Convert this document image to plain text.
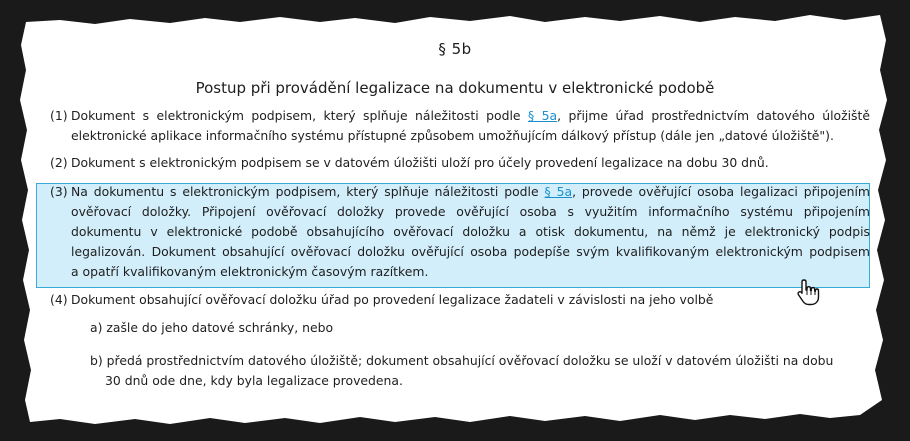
§ 5b
Postup při provádění legalizace na dokumentu v elektronické podobě
(1) Dokument s elektronickým podpisem, který splňuje náležitosti podle § 5a, přijme úřad prostřednictvím datového úložiště
elektronické aplikace informačního systému přístupné způsobem umožňujícím dálkový přístup (dále jen „datové úložiště").
(2) Dokument s elektronickým podpisem se v datovém úložišti uloží pro účely provedení legalizace na dobu 30 dnů.
(3) Na dokumentu s elektronickým podpisem, který splňuje náležitosti podle § 5a, provede ověřující osoba legalizaci připojením
ověřovací doložky. Připojení ověřovací doložky provede ověřující osoba s využitím informačního systému připojením
dokumentu v elektronické podobě obsahujícího ověřovací doložku a otisk dokumentu, na němž je elektronický podpis
legalizován. Dokument obsahující ověřovací doložku ověřující osoba podepíše svým kvalifikovaným elektronickým podpisem
a opatří kvalifikovaným elektronickým časovým razítkem.
(4) Dokument obsahující ověřovací doložku úřad po provedení legalizace žadateli v závislosti na jeho volbě
a) zašle do jeho datové schránky, nebo
b) předá prostřednictvím datového úložiště; dokument obsahující ověřovací doložku se uloží v datovém úložišti na dobu
30 dnů ode dne, kdy byla legalizace provedena.
